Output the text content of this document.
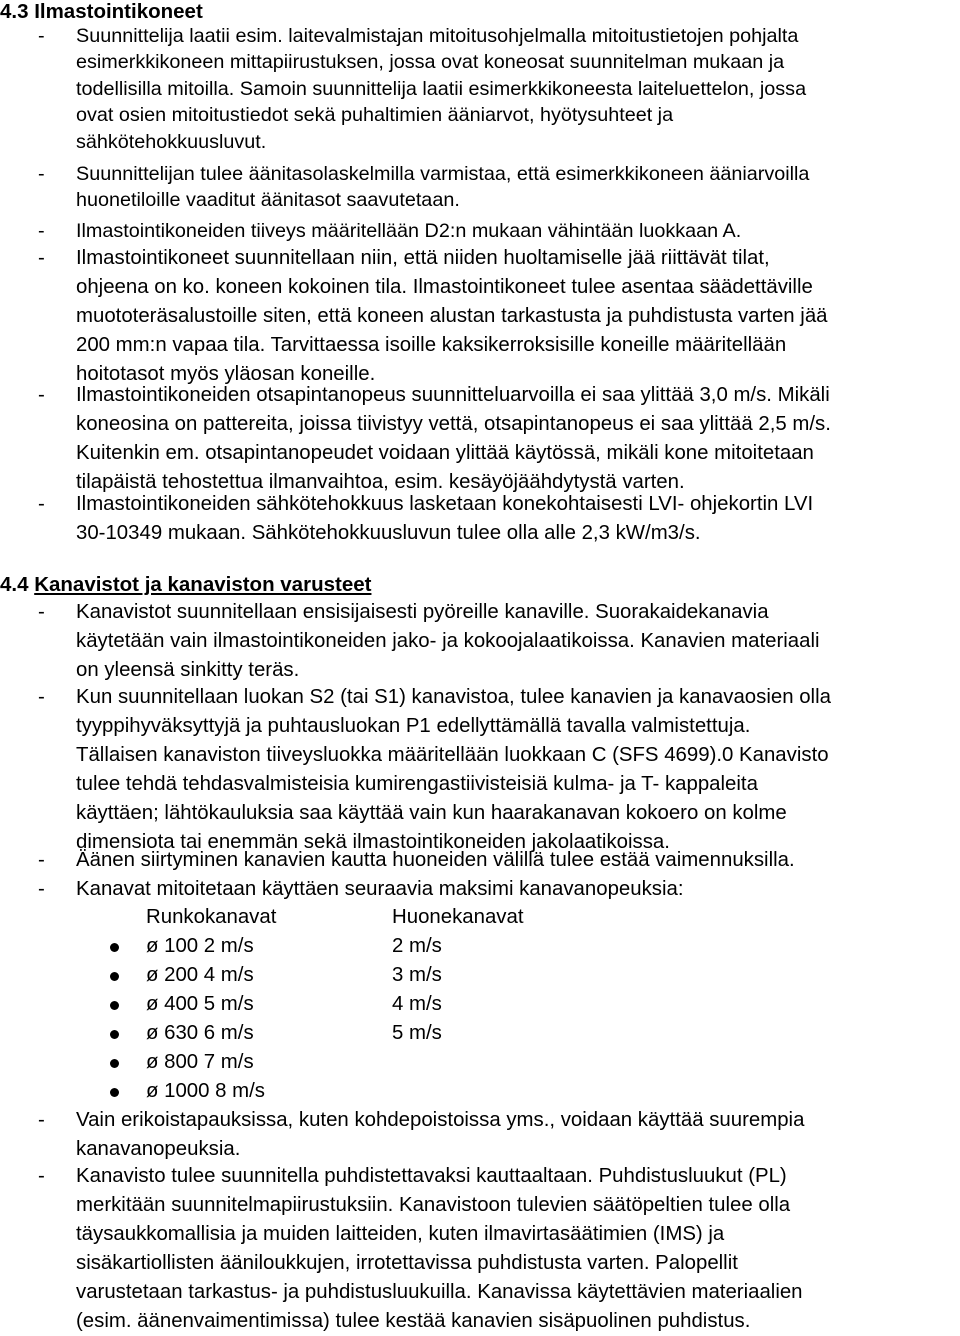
4.3 Ilmastointikoneet
- Suunnittelija laatii esim. laitevalmistajan mitoitusohjelmalla mitoitustietojen pohjalta
esimerkkikoneen mittapiirustuksen, jossa ovat koneosat suunnitelman mukaan ja
todellisilla mitoilla. Samoin suunnittelija laatii esimerkkikoneesta laiteluettelon, jossa
ovat osien mitoitustiedot sekä puhaltimien ääniarvot, hyötysuhteet ja
sähkötehokkuusluvut.
- Suunnittelijan tulee äänitasolaskelmilla varmistaa, että esimerkkikoneen ääniarvoilla
huonetiloille vaaditut äänitasot saavutetaan.
- Ilmastointikoneiden tiiveys määritellään D2:n mukaan vähintään luokkaan A.
- Ilmastointikoneet suunnitellaan niin, että niiden huoltamiselle jää riittävät tilat,
ohjeena on ko. koneen kokoinen tila. Ilmastointikoneet tulee asentaa säädettäville
muototeräsalustoille siten, että koneen alustan tarkastusta ja puhdistusta varten jää
200 mm:n vapaa tila. Tarvittaessa isoille kaksikerroksisille koneille määritellään
hoitotasot myös yläosan koneille.
- Ilmastointikoneiden otsapintanopeus suunnitteluarvoilla ei saa ylittää 3,0 m/s. Mikäli
koneosina on pattereita, joissa tiivistyy vettä, otsapintanopeus ei saa ylittää 2,5 m/s.
Kuitenkin em. otsapintanopeudet voidaan ylittää käytössä, mikäli kone mitoitetaan
tilapäistä tehostettua ilmanvaihtoa, esim. kesäyöjäähdytystä varten.
- Ilmastointikoneiden sähkötehokkuus lasketaan konekohtaisesti LVI- ohjekortin LVI
30-10349 mukaan. Sähkötehokkuusluvun tulee olla alle 2,3 kW/m3/s.
4.4 Kanavistot ja kanaviston varusteet
- Kanavistot suunnitellaan ensisijaisesti pyöreille kanaville. Suorakaidekanavia
käytetään vain ilmastointikoneiden jako- ja kokoojalaatikoissa. Kanavien materiaali
on yleensä sinkitty teräs.
- Kun suunnitellaan luokan S2 (tai S1) kanavistoa, tulee kanavien ja kanavaosien olla
tyyppihyväksyttyjä ja puhtausluokan P1 edellyttämällä tavalla valmistettuja.
Tällaisen kanaviston tiiveysluokka määritellään luokkaan C (SFS 4699).0 Kanavisto
tulee tehdä tehdasvalmisteisia kumirengastiivisteisiä kulma- ja T- kappaleita
käyttäen; lähtökauluksia saa käyttää vain kun haarakanavan kokoero on kolme
dimensiota tai enemmän sekä ilmastointikoneiden jakolaatikoissa.
- Äänen siirtyminen kanavien kautta huoneiden välillä tulee estää vaimennuksilla.
- Kanavat mitoitetaan käyttäen seuraavia maksimi kanavanopeuksia:
Runkokanavat	Huonekanavat
ø 100 2 m/s	2 m/s
ø 200 4 m/s	3 m/s
ø 400 5 m/s	4 m/s
ø 630 6 m/s	5 m/s
ø 800 7 m/s
ø 1000 8 m/s
- Vain erikoistapauksissa, kuten kohdepoistoissa yms., voidaan käyttää suurempia
kanavanopeuksia.
- Kanavisto tulee suunnitella puhdistettavaksi kauttaaltaan. Puhdistusluukut (PL)
merkitään suunnitelmapiirustuksiin. Kanavistoon tulevien säätöpeltien tulee olla
täysaukkomallisia ja muiden laitteiden, kuten ilmavirtasäätimien (IMS) ja
sisäkartiollisten ääniloukkujen, irrotettavissa puhdistusta varten. Palopellit
varustetaan tarkastus- ja puhdistusluukuilla. Kanavissa käytettävien materiaalien
(esim. äänenvaimentimissa) tulee kestää kanavien sisäpuolinen puhdistus.
